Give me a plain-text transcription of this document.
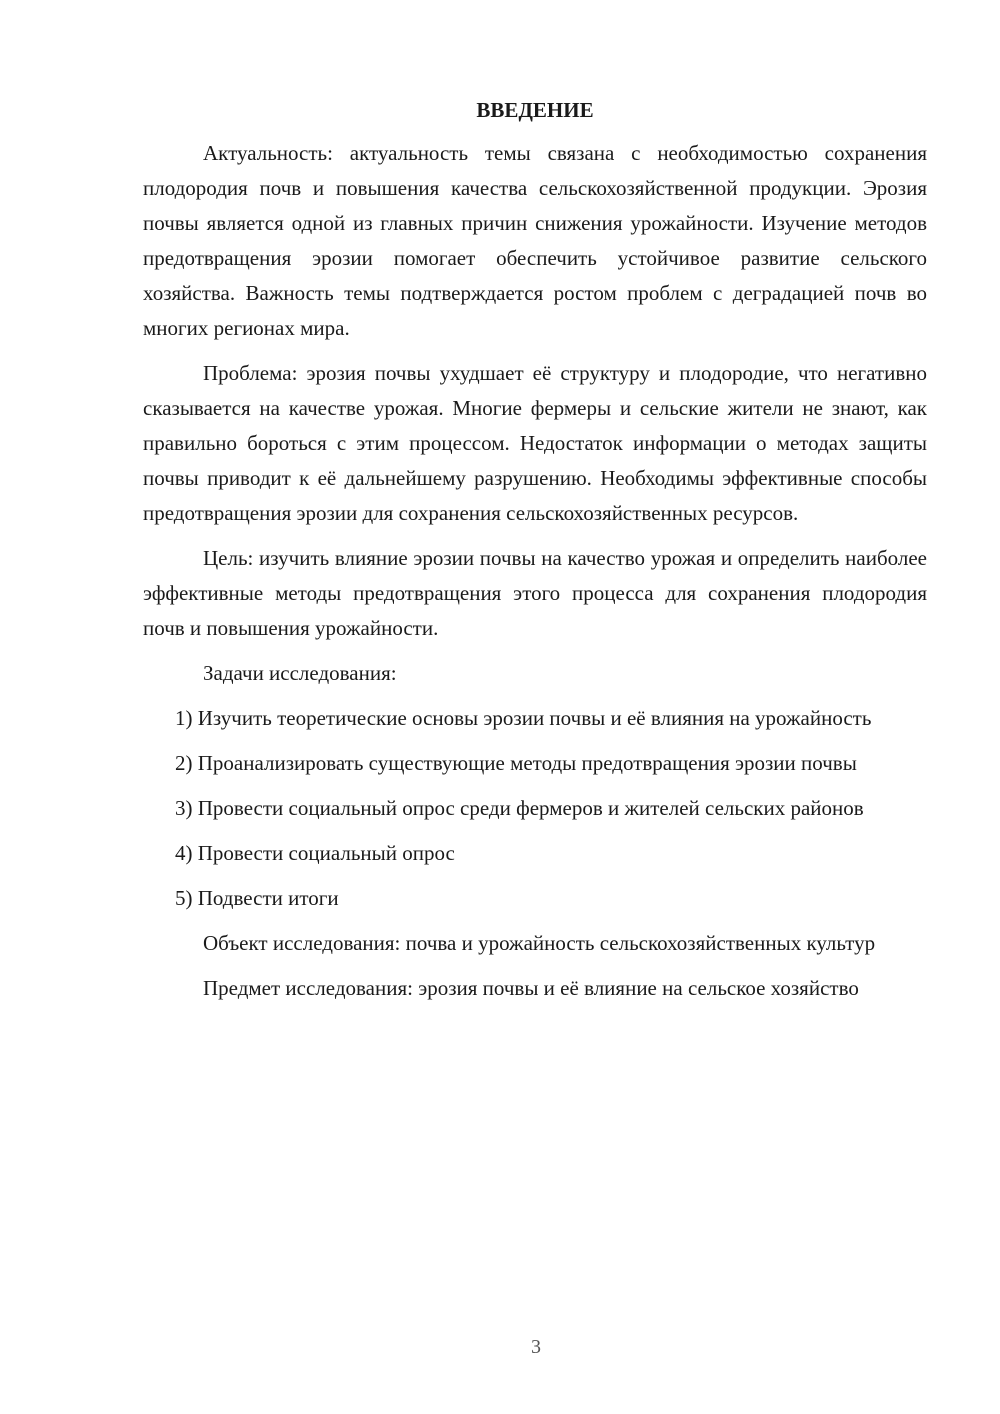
ВВЕДЕНИЕ

Актуальность: актуальность темы связана с необходимостью сохранения плодородия почв и повышения качества сельскохозяйственной продукции. Эрозия почвы является одной из главных причин снижения урожайности. Изучение методов предотвращения эрозии помогает обеспечить устойчивое развитие сельского хозяйства. Важность темы подтверждается ростом проблем с деградацией почв во многих регионах мира.

Проблема: эрозия почвы ухудшает её структуру и плодородие, что негативно сказывается на качестве урожая. Многие фермеры и сельские жители не знают, как правильно бороться с этим процессом. Недостаток информации о методах защиты почвы приводит к её дальнейшему разрушению. Необходимы эффективные способы предотвращения эрозии для сохранения сельскохозяйственных ресурсов.

Цель: изучить влияние эрозии почвы на качество урожая и определить наиболее эффективные методы предотвращения этого процесса для сохранения плодородия почв и повышения урожайности.

Задачи исследования:

1) Изучить теоретические основы эрозии почвы и её влияния на урожайность

2) Проанализировать существующие методы предотвращения эрозии почвы

3) Провести социальный опрос среди фермеров и жителей сельских районов

4) Провести социальный опрос

5) Подвести итоги

Объект исследования: почва и урожайность сельскохозяйственных культур

Предмет исследования: эрозия почвы и её влияние на сельское хозяйство

3
